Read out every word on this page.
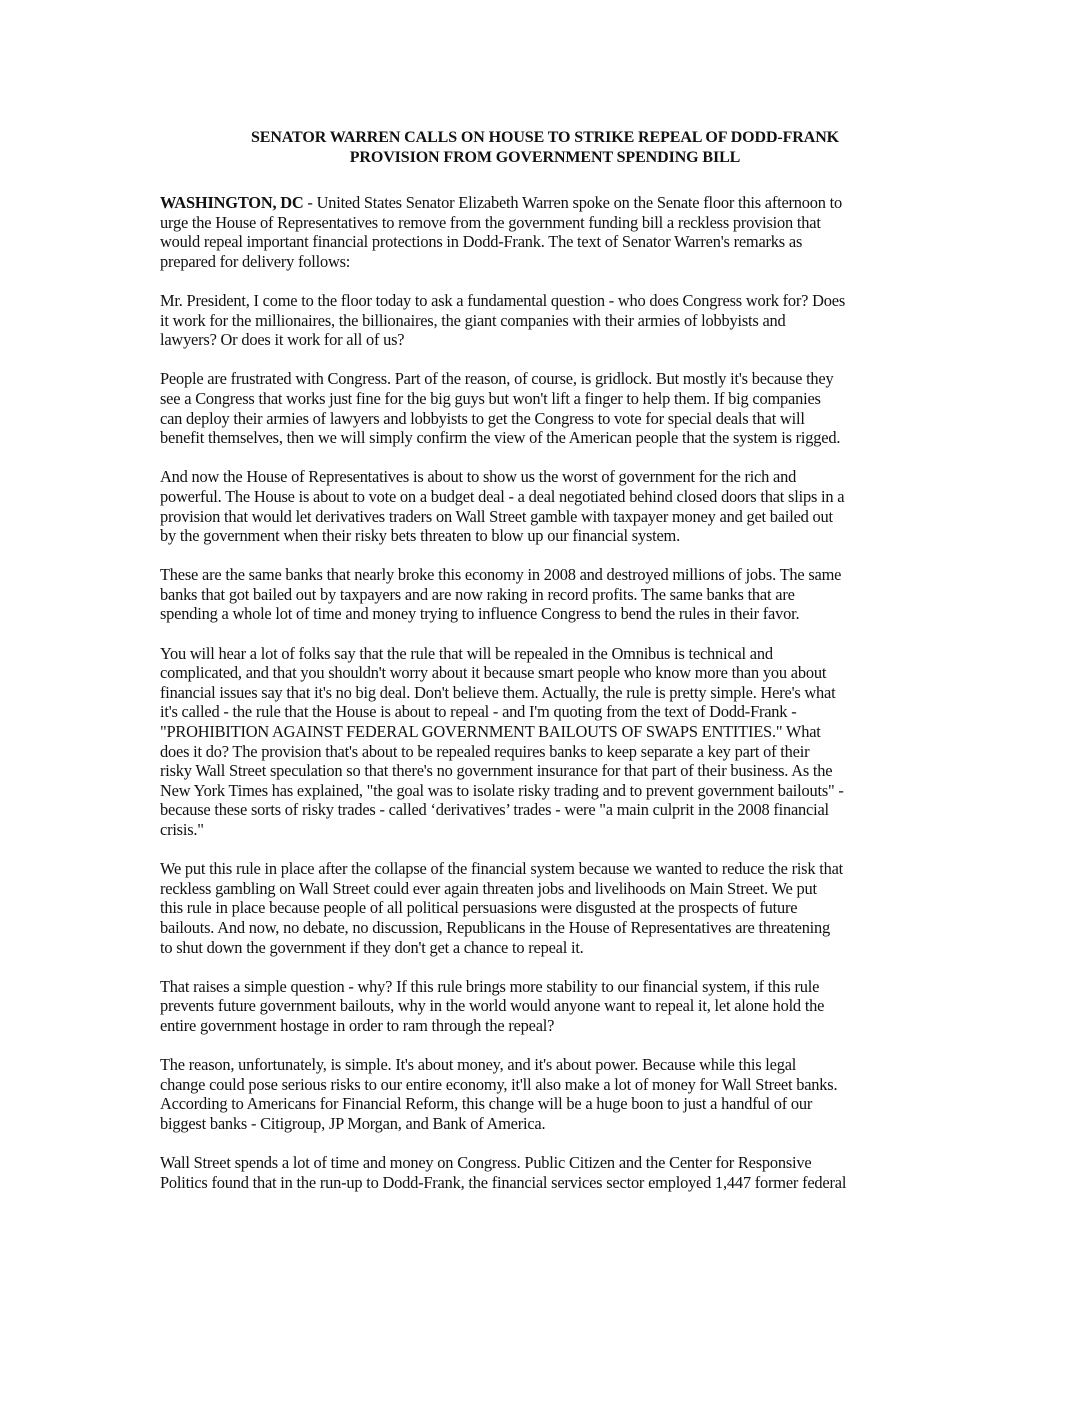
SENATOR WARREN CALLS ON HOUSE TO STRIKE REPEAL OF DODD-FRANK
PROVISION FROM GOVERNMENT SPENDING BILL
WASHINGTON, DC - United States Senator Elizabeth Warren spoke on the Senate floor this afternoon to
urge the House of Representatives to remove from the government funding bill a reckless provision that
would repeal important financial protections in Dodd-Frank. The text of Senator Warren's remarks as
prepared for delivery follows:
Mr. President, I come to the floor today to ask a fundamental question - who does Congress work for? Does
it work for the millionaires, the billionaires, the giant companies with their armies of lobbyists and
lawyers? Or does it work for all of us?
People are frustrated with Congress. Part of the reason, of course, is gridlock. But mostly it's because they
see a Congress that works just fine for the big guys but won't lift a finger to help them. If big companies
can deploy their armies of lawyers and lobbyists to get the Congress to vote for special deals that will
benefit themselves, then we will simply confirm the view of the American people that the system is rigged.
And now the House of Representatives is about to show us the worst of government for the rich and
powerful. The House is about to vote on a budget deal - a deal negotiated behind closed doors that slips in a
provision that would let derivatives traders on Wall Street gamble with taxpayer money and get bailed out
by the government when their risky bets threaten to blow up our financial system.
These are the same banks that nearly broke this economy in 2008 and destroyed millions of jobs. The same
banks that got bailed out by taxpayers and are now raking in record profits. The same banks that are
spending a whole lot of time and money trying to influence Congress to bend the rules in their favor.
You will hear a lot of folks say that the rule that will be repealed in the Omnibus is technical and
complicated, and that you shouldn't worry about it because smart people who know more than you about
financial issues say that it's no big deal. Don't believe them. Actually, the rule is pretty simple. Here's what
it's called - the rule that the House is about to repeal - and I'm quoting from the text of Dodd-Frank -
"PROHIBITION AGAINST FEDERAL GOVERNMENT BAILOUTS OF SWAPS ENTITIES." What
does it do? The provision that's about to be repealed requires banks to keep separate a key part of their
risky Wall Street speculation so that there's no government insurance for that part of their business. As the
New York Times has explained, "the goal was to isolate risky trading and to prevent government bailouts" -
because these sorts of risky trades - called ‘derivatives’ trades - were "a main culprit in the 2008 financial
crisis."
We put this rule in place after the collapse of the financial system because we wanted to reduce the risk that
reckless gambling on Wall Street could ever again threaten jobs and livelihoods on Main Street. We put
this rule in place because people of all political persuasions were disgusted at the prospects of future
bailouts. And now, no debate, no discussion, Republicans in the House of Representatives are threatening
to shut down the government if they don't get a chance to repeal it.
That raises a simple question - why? If this rule brings more stability to our financial system, if this rule
prevents future government bailouts, why in the world would anyone want to repeal it, let alone hold the
entire government hostage in order to ram through the repeal?
The reason, unfortunately, is simple. It's about money, and it's about power. Because while this legal
change could pose serious risks to our entire economy, it'll also make a lot of money for Wall Street banks.
According to Americans for Financial Reform, this change will be a huge boon to just a handful of our
biggest banks - Citigroup, JP Morgan, and Bank of America.
Wall Street spends a lot of time and money on Congress. Public Citizen and the Center for Responsive
Politics found that in the run-up to Dodd-Frank, the financial services sector employed 1,447 former federal
